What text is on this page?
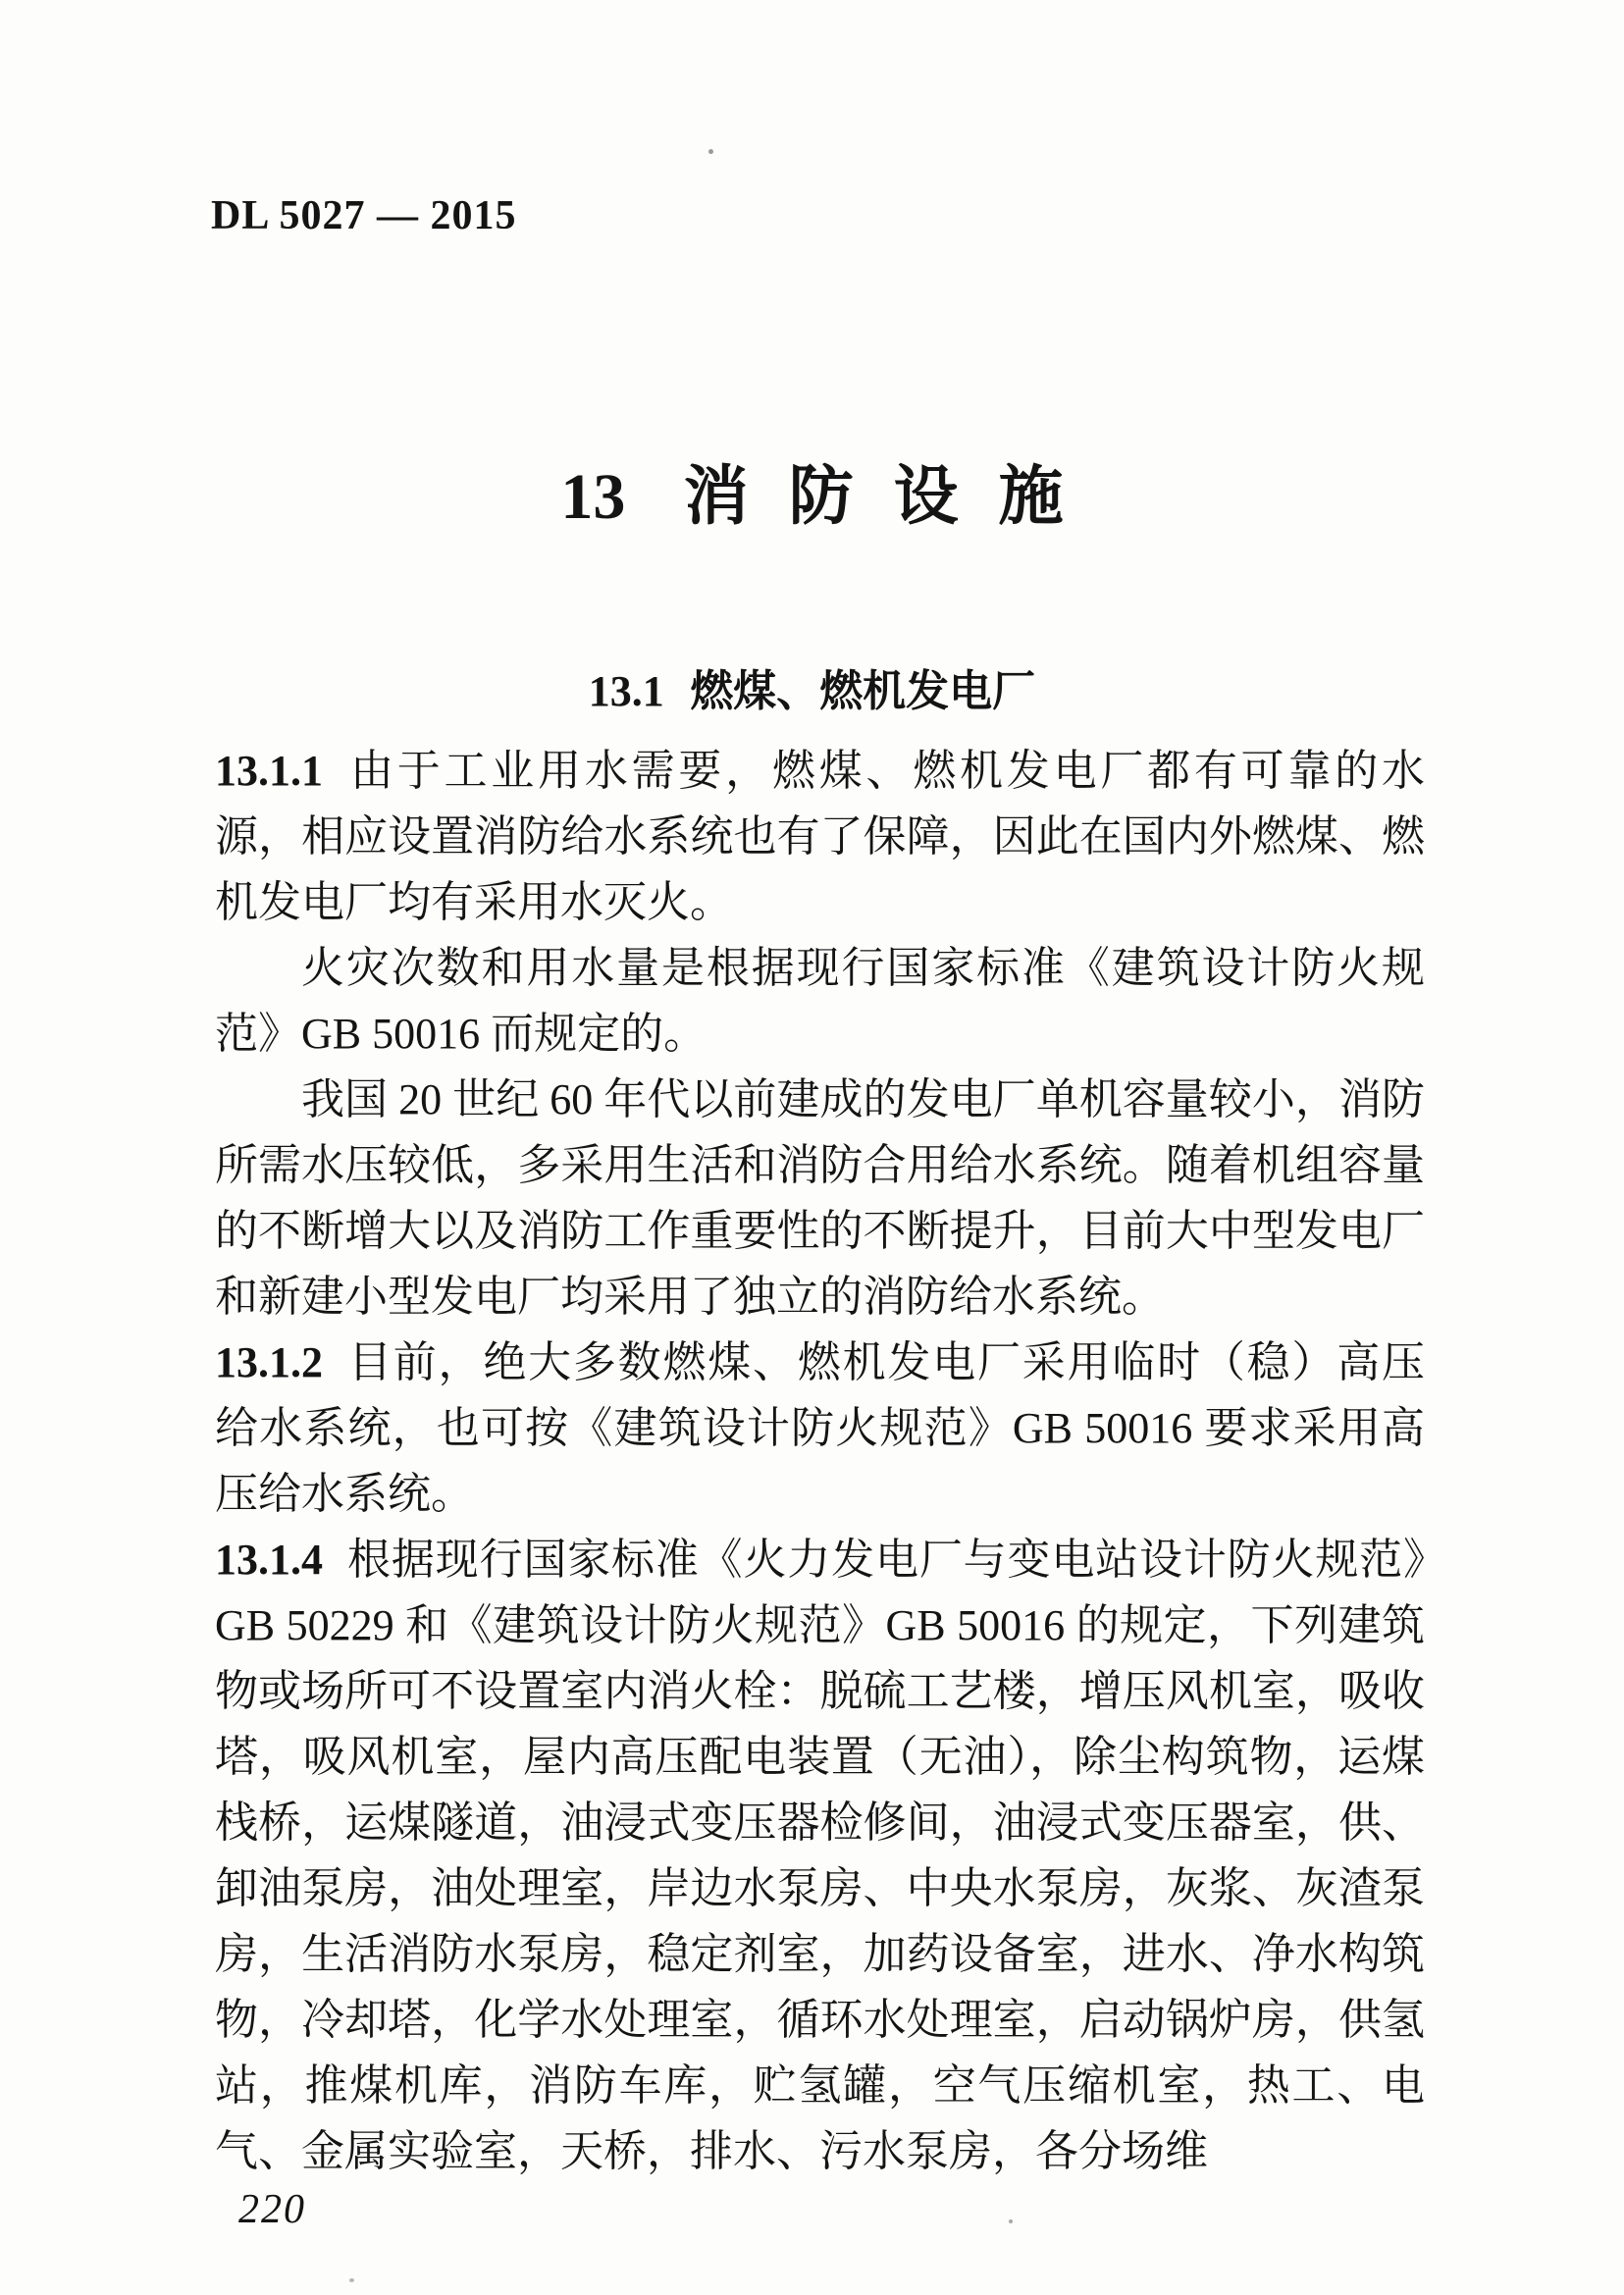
DL 5027 — 2015
13 消防设施
13.1 燃煤、燃机发电厂

13.1.1 由于工业用水需要，燃煤、燃机发电厂都有可靠的水源，相应设置消防给水系统也有了保障，因此在国内外燃煤、燃机发电厂均有采用水灭火。

火灾次数和用水量是根据现行国家标准《建筑设计防火规范》GB 50016 而规定的。

我国 20 世纪 60 年代以前建成的发电厂单机容量较小，消防所需水压较低，多采用生活和消防合用给水系统。随着机组容量的不断增大以及消防工作重要性的不断提升，目前大中型发电厂和新建小型发电厂均采用了独立的消防给水系统。

13.1.2 目前，绝大多数燃煤、燃机发电厂采用临时（稳）高压给水系统，也可按《建筑设计防火规范》GB 50016 要求采用高压给水系统。

13.1.4 根据现行国家标准《火力发电厂与变电站设计防火规范》GB 50229 和《建筑设计防火规范》GB 50016 的规定，下列建筑物或场所可不设置室内消火栓：脱硫工艺楼，增压风机室，吸收塔，吸风机室，屋内高压配电装置（无油），除尘构筑物，运煤栈桥，运煤隧道，油浸式变压器检修间，油浸式变压器室，供、卸油泵房，油处理室，岸边水泵房、中央水泵房，灰浆、灰渣泵房，生活消防水泵房，稳定剂室，加药设备室，进水、净水构筑物，冷却塔，化学水处理室，循环水处理室，启动锅炉房，供氢站，推煤机库，消防车库，贮氢罐，空气压缩机室，热工、电气、金属实验室，天桥，排水、污水泵房，各分场维

220
